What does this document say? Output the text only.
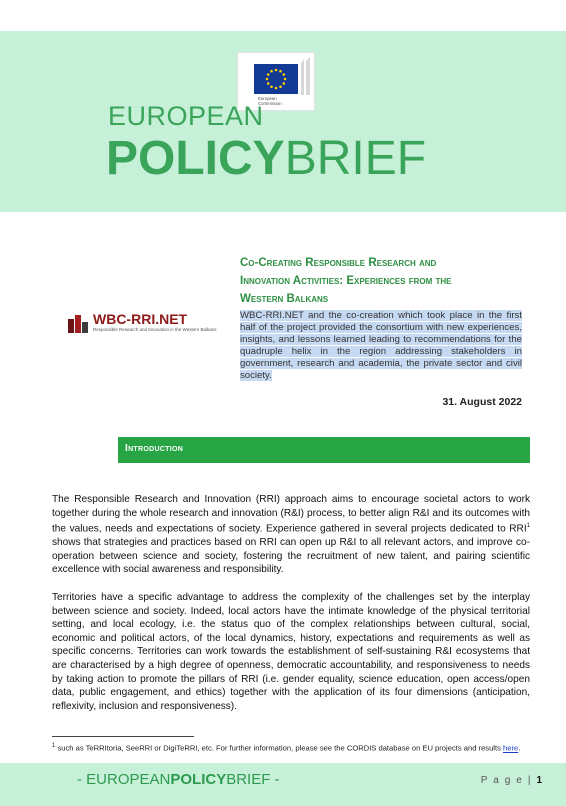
European
Commission
EUROPEAN
POLICYBRIEF
Co-Creating Responsible Research and
Innovation Activities: Experiences from the
Western Balkans
WBC-RRI.NET
Responsible Research and Innovation in the Western Balkans
WBC-RRI.NET and the co-creation which took place in the first half of the project provided the consortium with new experiences, insights, and lessons learned leading to recommendations for the quadruple helix in the region addressing stakeholders in government, research and academia, the private sector and civil society.
31. August 2022
Introduction
The Responsible Research and Innovation (RRI) approach aims to encourage societal actors to work together during the whole research and innovation (R&I) process, to better align R&I and its outcomes with the values, needs and expectations of society. Experience gathered in several projects dedicated to RRI$^1$ shows that strategies and practices based on RRI can open up R&I to all relevant actors, and improve co-operation between science and society, fostering the recruitment of new talent, and pairing scientific excellence with social awareness and responsibility.
Territories have a specific advantage to address the complexity of the challenges set by the interplay between science and society. Indeed, local actors have the intimate knowledge of the physical territorial setting, and local ecology, i.e. the status quo of the complex relationships between cultural, social, economic and political actors, of the local dynamics, history, expectations and requirements as well as specific concerns. Territories can work towards the establishment of self-sustaining R&I ecosystems that are characterised by a high degree of openness, democratic accountability, and responsiveness to needs by taking action to promote the pillars of RRI (i.e. gender equality, science education, open access/open data, public engagement, and ethics) together with the application of its four dimensions (anticipation, reflexivity, inclusion and responsiveness).
$^1$ such as TeRRItoria, SeeRRI or DigiTeRRI, etc. For further information, please see the CORDIS database on EU projects and results here.
- EUROPEANPOLICYBRIEF -	P a g e | 1
